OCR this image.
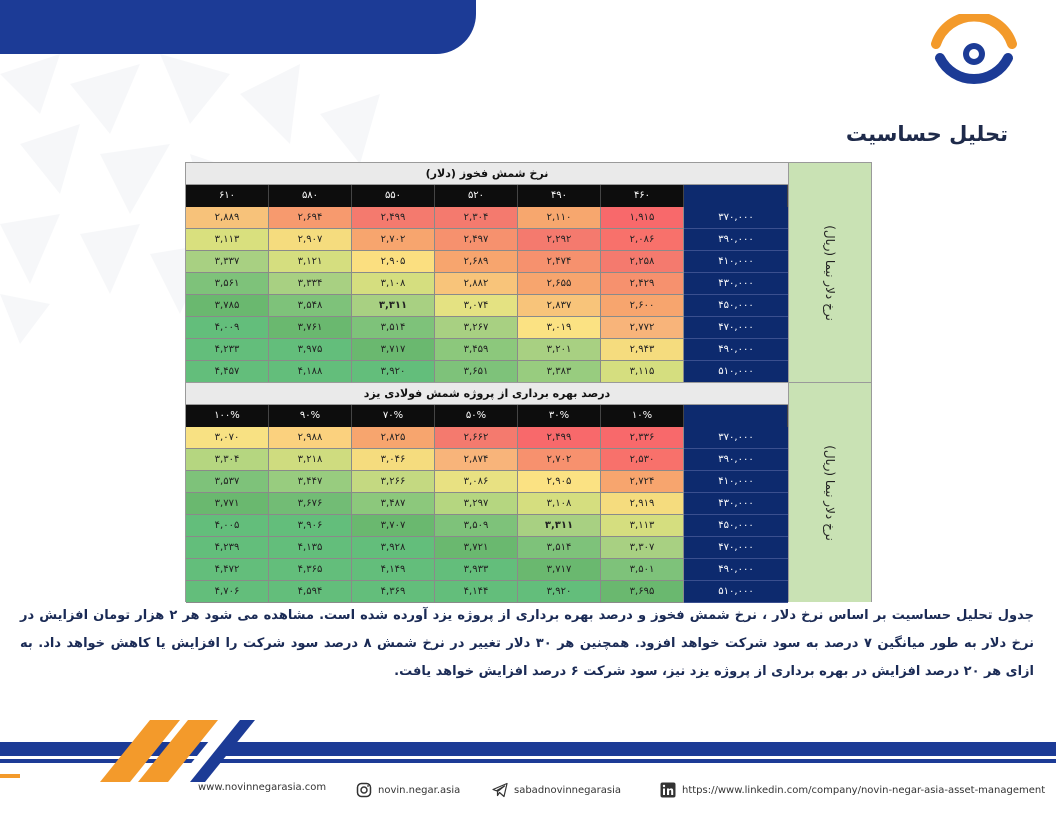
تحلیل حساسیت
نرخ شمش فخوز (دلار)
۶۱۰	۵۸۰	۵۵۰	۵۲۰	۴۹۰	۴۶۰
۲,۸۸۹	۲,۶۹۴	۲,۴۹۹	۲,۳۰۴	۲,۱۱۰	۱,۹۱۵	۳۷۰,۰۰۰
۳,۱۱۳	۲,۹۰۷	۲,۷۰۲	۲,۴۹۷	۲,۲۹۲	۲,۰۸۶	۳۹۰,۰۰۰
۳,۳۳۷	۳,۱۲۱	۲,۹۰۵	۲,۶۸۹	۲,۴۷۴	۲,۲۵۸	۴۱۰,۰۰۰
۳,۵۶۱	۳,۳۳۴	۳,۱۰۸	۲,۸۸۲	۲,۶۵۵	۲,۴۲۹	۴۳۰,۰۰۰
۳,۷۸۵	۳,۵۴۸	۳,۳۱۱	۳,۰۷۴	۲,۸۳۷	۲,۶۰۰	۴۵۰,۰۰۰
۴,۰۰۹	۳,۷۶۱	۳,۵۱۴	۳,۲۶۷	۳,۰۱۹	۲,۷۷۲	۴۷۰,۰۰۰
۴,۲۳۳	۳,۹۷۵	۳,۷۱۷	۳,۴۵۹	۳,۲۰۱	۲,۹۴۳	۴۹۰,۰۰۰
۴,۴۵۷	۴,۱۸۸	۳,۹۲۰	۳,۶۵۱	۳,۳۸۳	۳,۱۱۵	۵۱۰,۰۰۰
نرخ دلار نیما (ریال)
درصد بهره برداری از پروژه شمش فولادی یزد
۱۰۰%	۹۰%	۷۰%	۵۰%	۳۰%	۱۰%
۳,۰۷۰	۲,۹۸۸	۲,۸۲۵	۲,۶۶۲	۲,۴۹۹	۲,۳۳۶	۳۷۰,۰۰۰
۳,۳۰۴	۳,۲۱۸	۳,۰۴۶	۲,۸۷۴	۲,۷۰۲	۲,۵۳۰	۳۹۰,۰۰۰
۳,۵۳۷	۳,۴۴۷	۳,۲۶۶	۳,۰۸۶	۲,۹۰۵	۲,۷۲۴	۴۱۰,۰۰۰
۳,۷۷۱	۳,۶۷۶	۳,۴۸۷	۳,۲۹۷	۳,۱۰۸	۲,۹۱۹	۴۳۰,۰۰۰
۴,۰۰۵	۳,۹۰۶	۳,۷۰۷	۳,۵۰۹	۳,۳۱۱	۳,۱۱۳	۴۵۰,۰۰۰
۴,۲۳۹	۴,۱۳۵	۳,۹۲۸	۳,۷۲۱	۳,۵۱۴	۳,۳۰۷	۴۷۰,۰۰۰
۴,۴۷۲	۴,۳۶۵	۴,۱۴۹	۳,۹۳۳	۳,۷۱۷	۳,۵۰۱	۴۹۰,۰۰۰
۴,۷۰۶	۴,۵۹۴	۴,۳۶۹	۴,۱۴۴	۳,۹۲۰	۳,۶۹۵	۵۱۰,۰۰۰
نرخ دلار نیما (ریال)
جدول تحلیل حساسیت بر اساس نرخ دلار ، نرخ شمش فخوز و درصد بهره برداری از پروژه یزد آورده شده است. مشاهده می شود هر ۲ هزار تومان افزایش در نرخ دلار به طور میانگین ۷ درصد به سود شرکت خواهد افزود. همچنین هر ۳۰ دلار تغییر در نرخ شمش ۸ درصد سود شرکت را افزایش یا کاهش خواهد داد. به ازای هر ۲۰ درصد افزایش در بهره برداری از پروژه یزد نیز، سود شرکت ۶ درصد افزایش خواهد یافت.
www.novinnegarasia.com	novin.negar.asia	sabadnovinnegarasia	https://www.linkedin.com/company/novin-negar-asia-asset-management
